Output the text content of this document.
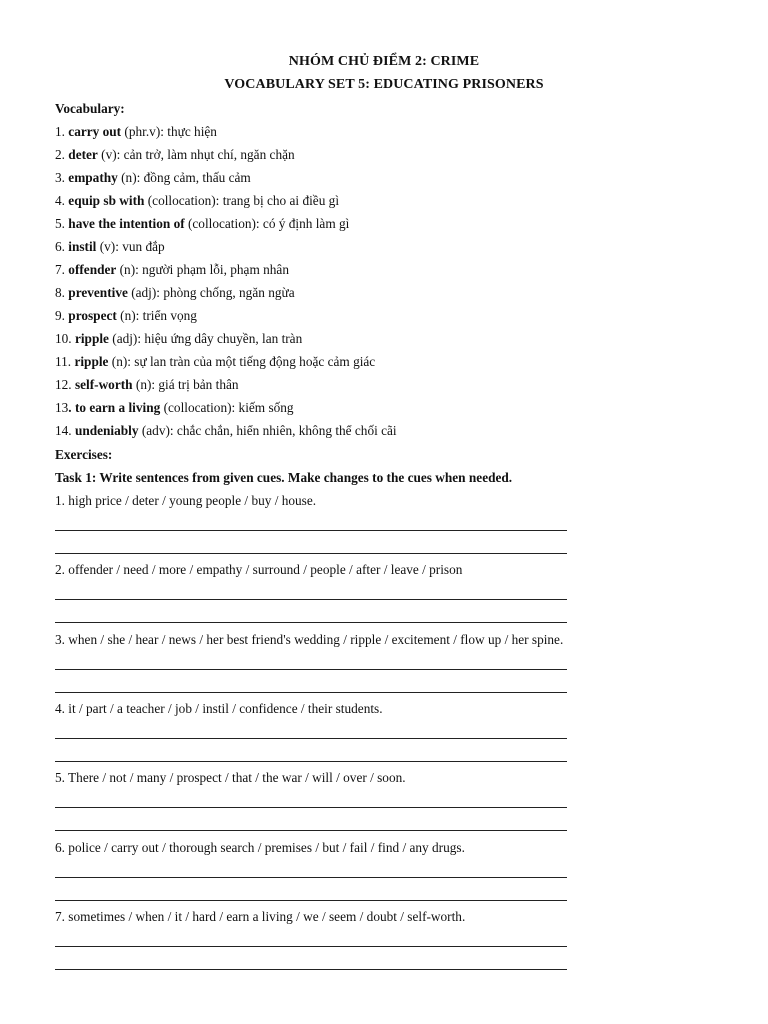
NHÓM CHỦ ĐIỂM 2: CRIME
VOCABULARY SET 5: EDUCATING PRISONERS
Vocabulary:
1. carry out (phr.v): thực hiện
2. deter (v): cản trở, làm nhụt chí, ngăn chặn
3. empathy (n): đồng cảm, thấu cảm
4. equip sb with (collocation): trang bị cho ai điều gì
5. have the intention of (collocation): có ý định làm gì
6. instil (v): vun đắp
7. offender (n): người phạm lỗi, phạm nhân
8. preventive (adj): phòng chống, ngăn ngừa
9. prospect (n): triển vọng
10. ripple (adj): hiệu ứng dây chuyền, lan tràn
11. ripple (n): sự lan tràn của một tiếng động hoặc cảm giác
12. self-worth (n): giá trị bản thân
13. to earn a living (collocation): kiếm sống
14. undeniably (adv): chắc chắn, hiển nhiên, không thể chối cãi
Exercises:
Task 1: Write sentences from given cues. Make changes to the cues when needed.
1. high price / deter / young people / buy / house.
2. offender / need / more / empathy / surround / people / after / leave / prison
3. when / she / hear / news / her best friend's wedding / ripple / excitement / flow up / her spine.
4. it / part / a teacher / job / instil / confidence / their students.
5. There / not / many / prospect / that / the war / will / over / soon.
6. police / carry out / thorough search / premises / but / fail / find / any drugs.
7. sometimes / when / it / hard / earn a living / we / seem / doubt / self-worth.
